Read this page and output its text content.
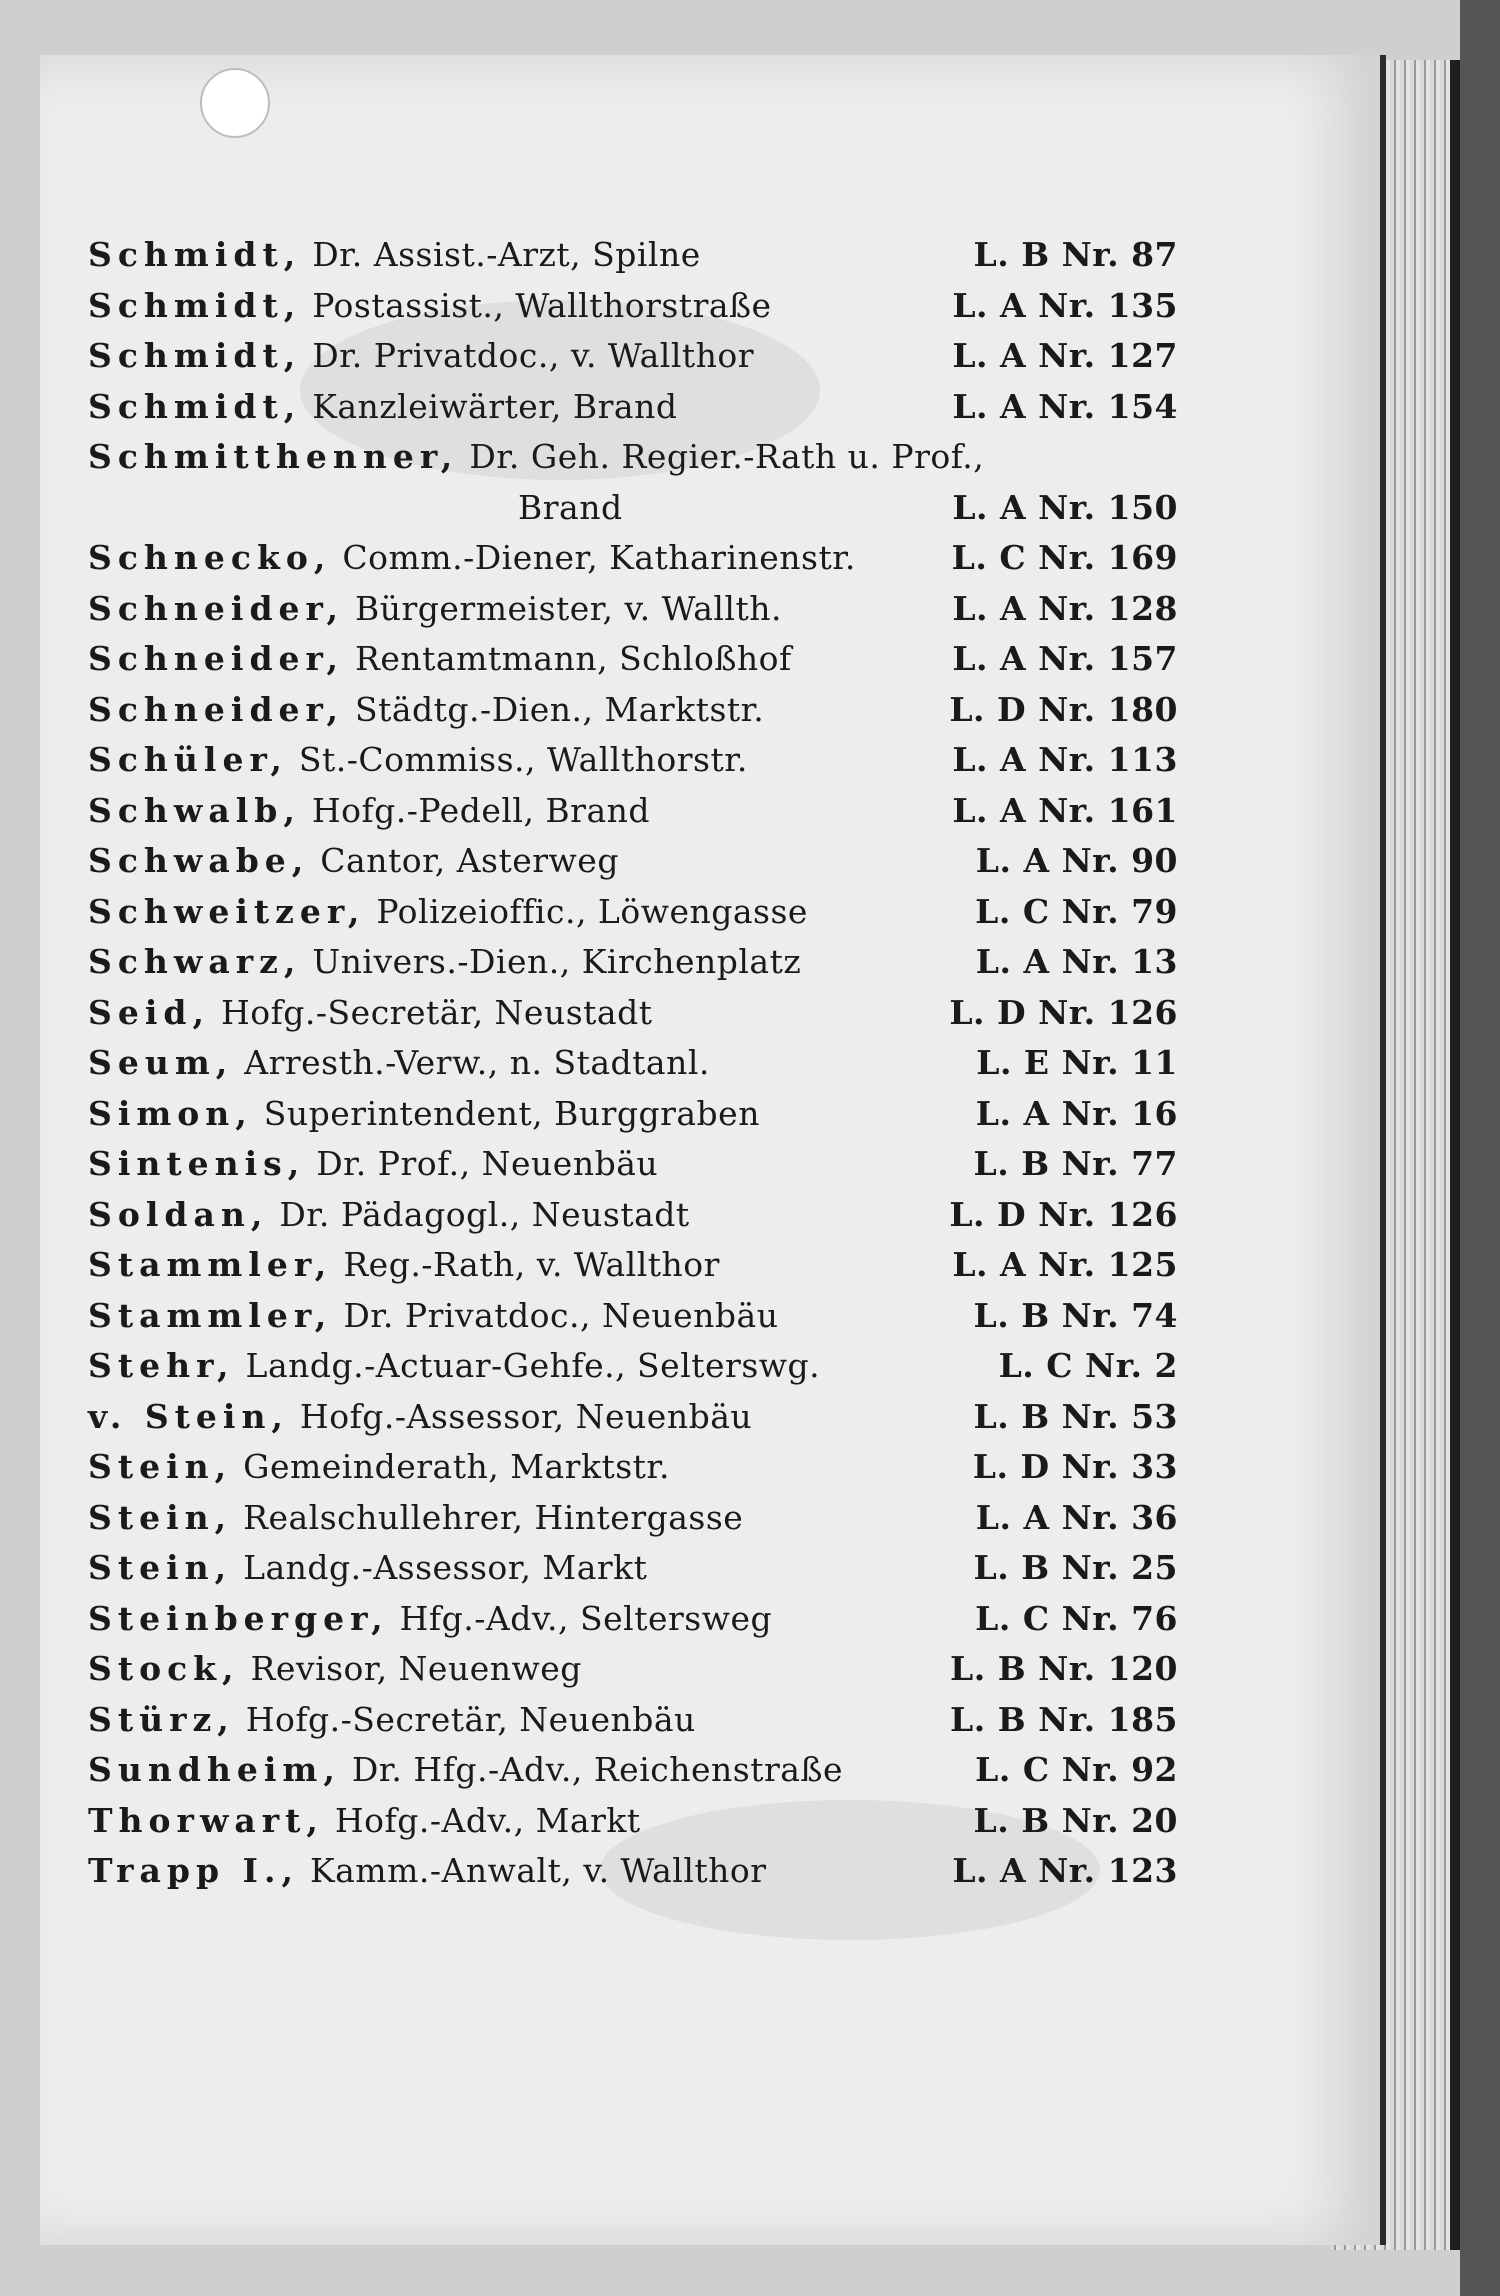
Schmidt, Dr. Assist.-Arzt, Spilne	L. B Nr. 87
Schmidt, Postassist., Wallthorstraße	L. A Nr. 135
Schmidt, Dr. Privatdoc., v. Wallthor	L. A Nr. 127
Schmidt, Kanzleiwärter, Brand	L. A Nr. 154
Schmitthenner, Dr. Geh. Regier.-Rath u. Prof.,
Brand	L. A Nr. 150
Schnecko, Comm.-Diener, Katharinenstr.	L. C Nr. 169
Schneider, Bürgermeister, v. Wallth.	L. A Nr. 128
Schneider, Rentamtmann, Schloßhof	L. A Nr. 157
Schneider, Städtg.-Dien., Marktstr.	L. D Nr. 180
Schüler, St.-Commiss., Wallthorstr.	L. A Nr. 113
Schwalb, Hofg.-Pedell, Brand	L. A Nr. 161
Schwabe, Cantor, Asterweg	L. A Nr. 90
Schweitzer, Polizeioffic., Löwengasse	L. C Nr. 79
Schwarz, Univers.-Dien., Kirchenplatz	L. A Nr. 13
Seid, Hofg.-Secretär, Neustadt	L. D Nr. 126
Seum, Arresth.-Verw., n. Stadtanl.	L. E Nr. 11
Simon, Superintendent, Burggraben	L. A Nr. 16
Sintenis, Dr. Prof., Neuenbäu	L. B Nr. 77
Soldan, Dr. Pädagogl., Neustadt	L. D Nr. 126
Stammler, Reg.-Rath, v. Wallthor	L. A Nr. 125
Stammler, Dr. Privatdoc., Neuenbäu	L. B Nr. 74
Stehr, Landg.-Actuar-Gehfe., Selterswg.	L. C Nr. 2
v. Stein, Hofg.-Assessor, Neuenbäu	L. B Nr. 53
Stein, Gemeinderath, Marktstr.	L. D Nr. 33
Stein, Realschullehrer, Hintergasse	L. A Nr. 36
Stein, Landg.-Assessor, Markt	L. B Nr. 25
Steinberger, Hfg.-Adv., Seltersweg	L. C Nr. 76
Stock, Revisor, Neuenweg	L. B Nr. 120
Stürz, Hofg.-Secretär, Neuenbäu	L. B Nr. 185
Sundheim, Dr. Hfg.-Adv., Reichenstraße	L. C Nr. 92
Thorwart, Hofg.-Adv., Markt	L. B Nr. 20
Trapp I., Kamm.-Anwalt, v. Wallthor	L. A Nr. 123
